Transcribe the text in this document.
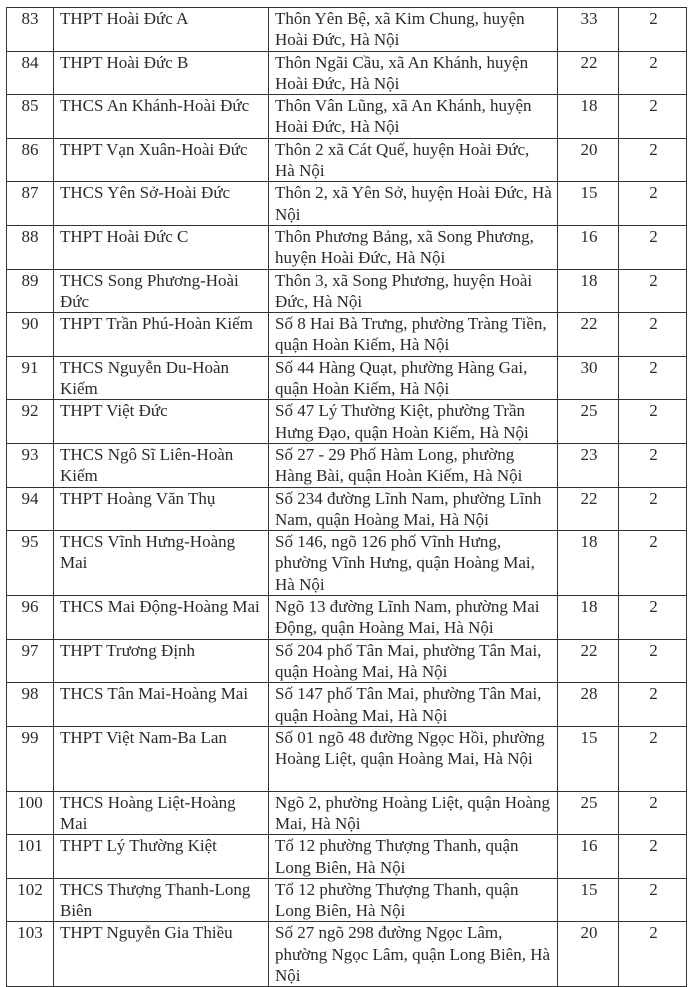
83	THPT Hoài Đức A	Thôn Yên Bệ, xã Kim Chung, huyện Hoài Đức, Hà Nội	33	2
84	THPT Hoài Đức B	Thôn Ngãi Cầu, xã An Khánh, huyện Hoài Đức, Hà Nội	22	2
85	THCS An Khánh-Hoài Đức	Thôn Vân Lũng, xã An Khánh, huyện Hoài Đức, Hà Nội	18	2
86	THPT Vạn Xuân-Hoài Đức	Thôn 2 xã Cát Quế, huyện Hoài Đức, Hà Nội	20	2
87	THCS Yên Sở-Hoài Đức	Thôn 2, xã Yên Sở, huyện Hoài Đức, Hà Nội	15	2
88	THPT Hoài Đức C	Thôn Phương Bảng, xã Song Phương, huyện Hoài Đức, Hà Nội	16	2
89	THCS Song Phương-Hoài Đức	Thôn 3, xã Song Phương, huyện Hoài Đức, Hà Nội	18	2
90	THPT Trần Phú-Hoàn Kiếm	Số 8 Hai Bà Trưng, phường Tràng Tiền, quận Hoàn Kiếm, Hà Nội	22	2
91	THCS Nguyễn Du-Hoàn Kiếm	Số 44 Hàng Quạt, phường Hàng Gai, quận Hoàn Kiếm, Hà Nội	30	2
92	THPT Việt Đức	Số 47 Lý Thường Kiệt, phường Trần Hưng Đạo, quận Hoàn Kiếm, Hà Nội	25	2
93	THCS Ngô Sĩ Liên-Hoàn Kiếm	Số 27 - 29 Phố Hàm Long, phường Hàng Bài, quận Hoàn Kiếm, Hà Nội	23	2
94	THPT Hoàng Văn Thụ	Số 234 đường Lĩnh Nam, phường Lĩnh Nam, quận Hoàng Mai, Hà Nội	22	2
95	THCS Vĩnh Hưng-Hoàng Mai	Số 146, ngõ 126 phố Vĩnh Hưng, phường Vĩnh Hưng, quận Hoàng Mai, Hà Nội	18	2
96	THCS Mai Động-Hoàng Mai	Ngõ 13 đường Lĩnh Nam, phường Mai Động, quận Hoàng Mai, Hà Nội	18	2
97	THPT Trương Định	Số 204 phố Tân Mai, phường Tân Mai, quận Hoàng Mai, Hà Nội	22	2
98	THCS Tân Mai-Hoàng Mai	Số 147 phố Tân Mai, phường Tân Mai, quận Hoàng Mai, Hà Nội	28	2
99	THPT Việt Nam-Ba Lan	Số 01 ngõ 48 đường Ngọc Hồi, phường Hoàng Liệt, quận Hoàng Mai, Hà Nội	15	2
100	THCS Hoàng Liệt-Hoàng Mai	Ngõ 2, phường Hoàng Liệt, quận Hoàng Mai, Hà Nội	25	2
101	THPT Lý Thường Kiệt	Tổ 12 phường Thượng Thanh, quận Long Biên, Hà Nội	16	2
102	THCS Thượng Thanh-Long Biên	Tổ 12 phường Thượng Thanh, quận Long Biên, Hà Nội	15	2
103	THPT Nguyễn Gia Thiều	Số 27 ngõ 298 đường Ngọc Lâm, phường Ngọc Lâm, quận Long Biên, Hà Nội	20	2
